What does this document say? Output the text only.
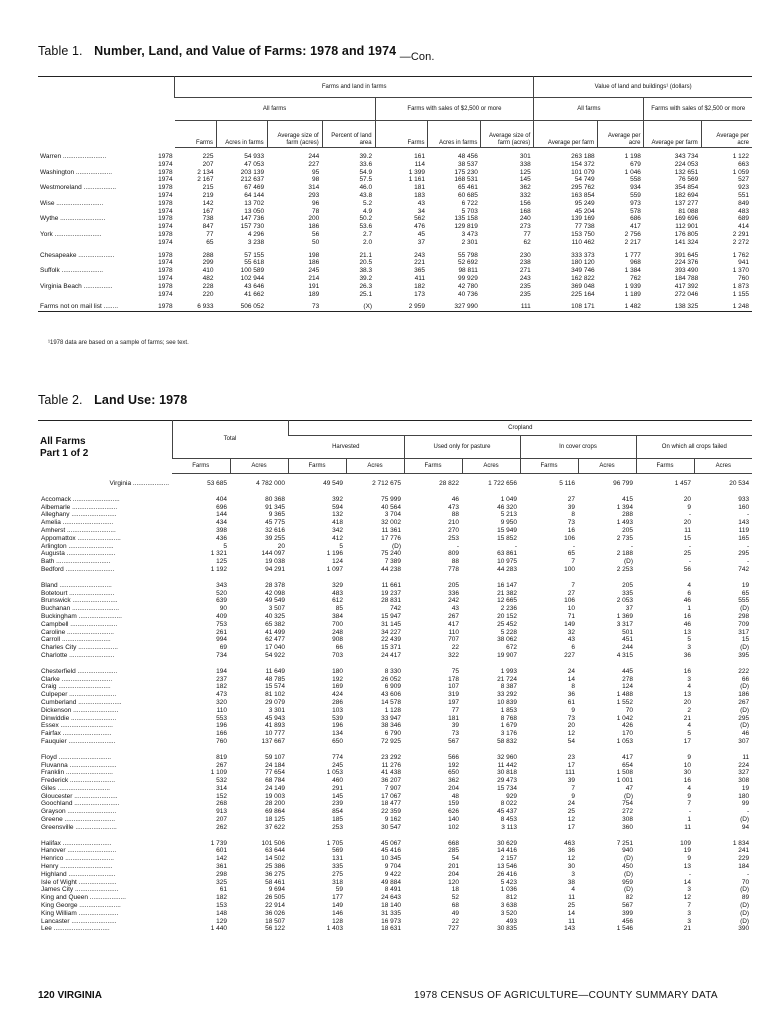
Table 1. Number, Land, and Value of Farms: 1978 and 1974 —Con.
		Farms and land in farms							Value of land and buildings¹ (dollars)			
		All farms				Farms with sales of $2,500 or more			All farms		Farms with sales of $2,500 or more	
		Farms	Acres in farms	Average size of farm (acres)	Percent of land area	Farms	Acres in farms	Average size of farm (acres)	Average per farm	Average per acre	Average per farm	Average per acre

Warren ........................	1978	225	54 933	244	39.2	161	48 456	301	263 188	1 198	343 734	1 122
	1974	207	47 053	227	33.6	114	38 537	338	154 372	679	224 053	663
Washington ....................	1978	2 134	203 139	95	54.9	1 399	175 230	125	101 079	1 046	132 651	1 059
	1974	2 167	212 637	98	57.5	1 161	168 531	145	54 749	558	76 569	527
Westmoreland ..................	1978	215	67 469	314	46.0	181	65 461	362	295 762	934	354 854	923
	1974	219	64 144	293	43.8	183	60 685	332	163 854	559	182 694	551
Wise ..........................	1978	142	13 702	96	5.2	43	6 722	156	95 249	973	137 277	849
	1974	167	13 050	78	4.9	34	5 703	168	45 204	578	81 088	483
Wythe .........................	1978	738	147 736	200	50.2	562	135 158	240	139 169	686	169 696	689
	1974	847	157 730	186	53.6	476	129 819	273	77 738	417	112 901	414
York ..........................	1978	77	4 296	56	2.7	45	3 473	77	153 750	2 756	176 805	2 291
	1974	65	3 238	50	2.0	37	2 301	62	110 462	2 217	141 324	2 272

Chesapeake ....................	1978	288	57 155	198	21.1	243	55 798	230	333 373	1 777	391 645	1 762
	1974	299	55 618	186	20.5	221	52 692	238	180 120	968	224 376	941
Suffolk .......................	1978	410	100 589	245	38.3	365	98 811	271	349 746	1 384	393 490	1 370
	1974	482	102 944	214	39.2	411	99 929	243	162 822	762	184 788	760
Virginia Beach ................	1978	228	43 646	191	26.3	182	42 780	235	369 048	1 939	417 392	1 873
	1974	220	41 662	189	25.1	173	40 736	235	225 164	1 189	272 046	1 155

Farms not on mail list ........	1978	6 933	506 052	73	(X)	2 959	327 990	111	108 171	1 482	138 325	1 248
¹1978 data are based on a sample of farms; see text.
Table 2. Land Use: 1978
All Farms
Part 1 of 2
	Total		Cropland							
			Harvested		Used only for pasture		In cover crops		On which all crops failed	
	Farms	Acres	Farms	Acres	Farms	Acres	Farms	Acres	Farms	Acres

Virginia ....................	53 685	4 782 000	49 549	2 712 675	28 822	1 722 656	5 116	96 799	1 457	20 534

Accomack ..........................	404	80 368	392	75 999	46	1 049	27	415	20	933
Albemarle .........................	696	91 345	594	40 564	473	46 320	39	1 394	9	160
Alleghany .........................	144	9 365	132	3 704	88	5 213	8	288	-	-
Amelia ............................	434	45 775	418	32 002	210	9 950	73	1 493	20	143
Amherst ...........................	398	32 616	342	11 361	270	15 949	16	205	11	119
Appomattox ........................	436	39 255	412	17 776	253	15 852	106	2 735	15	165
Arlington .........................	5	20	5	(D)	-	-	-	-	-	-
Augusta ...........................	1 321	144 097	1 196	75 240	809	63 861	65	2 188	25	295
Bath ..............................	125	19 038	124	7 389	88	10 975	7	(D)	-	-
Bedford ...........................	1 192	94 291	1 097	44 238	778	44 283	100	2 253	56	742

Bland .............................	343	28 378	329	11 661	205	16 147	7	205	4	19
Botetourt .........................	520	42 098	483	19 237	336	21 382	27	335	6	65
Brunswick .........................	639	49 549	612	28 831	242	12 665	106	2 053	46	555
Buchanan ..........................	90	3 507	85	742	43	2 236	10	37	1	(D)
Buckingham ........................	409	40 325	384	15 947	267	20 152	71	1 369	16	298
Campbell ..........................	753	65 382	700	31 145	417	25 452	149	3 317	46	709
Caroline ..........................	261	41 499	248	34 227	110	5 228	32	501	13	317
Carroll ...........................	994	62 477	908	22 439	707	38 062	43	451	5	15
Charles City ......................	69	17 040	66	15 371	22	672	6	244	3	(D)
Charlotte .........................	734	54 922	703	24 417	322	19 907	227	4 315	36	395

Chesterfield ......................	194	11 649	180	8 330	75	1 993	24	445	16	222
Clarke ............................	237	48 785	192	26 052	178	21 724	14	278	3	66
Craig .............................	182	15 574	169	6 909	107	8 387	8	124	4	(D)
Culpeper ..........................	473	81 102	424	43 606	319	33 292	36	1 488	13	186
Cumberland ........................	320	29 079	286	14 578	197	10 839	61	1 552	20	267
Dickenson .........................	110	3 301	103	1 128	77	1 853	9	70	2	(D)
Dinwiddie .........................	553	45 943	539	33 947	181	8 768	73	1 042	21	295
Essex .............................	196	41 893	196	38 346	39	1 679	20	426	4	(D)
Fairfax ...........................	166	10 777	134	6 790	73	3 176	12	170	5	46
Fauquier ..........................	760	137 667	650	72 925	567	58 832	54	1 053	17	307

Floyd .............................	819	59 107	774	23 292	566	32 960	23	417	9	11
Fluvanna ..........................	267	24 184	245	11 276	192	11 442	17	654	10	224
Franklin ..........................	1 109	77 654	1 053	41 438	650	30 818	111	1 508	30	327
Frederick .........................	532	68 784	460	36 207	362	29 473	39	1 001	16	308
Giles .............................	314	24 149	291	7 907	204	15 734	7	47	4	19
Gloucester ........................	152	19 003	145	17 067	48	929	9	(D)	9	180
Goochland .........................	268	28 200	239	18 477	159	8 022	24	754	7	99
Grayson ...........................	913	69 864	854	22 359	626	45 437	25	272	-	-
Greene ............................	207	18 125	185	9 162	140	8 453	12	308	1	(D)
Greensville .......................	262	37 622	253	30 547	102	3 113	17	360	11	94

Halifax ...........................	1 739	101 506	1 705	45 067	668	30 629	463	7 251	109	1 834
Hanover ...........................	601	63 644	569	45 416	285	14 416	36	940	19	241
Henrico ...........................	142	14 502	131	10 345	54	2 157	12	(D)	9	229
Henry .............................	361	25 386	335	9 704	201	13 546	30	450	13	184
Highland ..........................	298	36 275	275	9 422	204	26 416	3	(D)	-	-
Isle of Wight .....................	325	58 461	318	49 884	120	5 423	38	959	14	70
James City ........................	61	9 694	59	8 491	18	1 036	4	(D)	3	(D)
King and Queen ....................	182	26 505	177	24 643	52	812	11	82	12	89
King George .......................	153	22 914	149	18 140	68	3 638	25	567	7	(D)
King William ......................	148	36 026	146	31 335	49	3 520	14	399	3	(D)
Lancaster .........................	129	18 507	128	16 973	22	493	11	456	3	(D)
Lee ...............................	1 440	56 122	1 403	18 631	727	30 835	143	1 546	21	390
120 VIRGINIA	1978 CENSUS OF AGRICULTURE—COUNTY SUMMARY DATA
